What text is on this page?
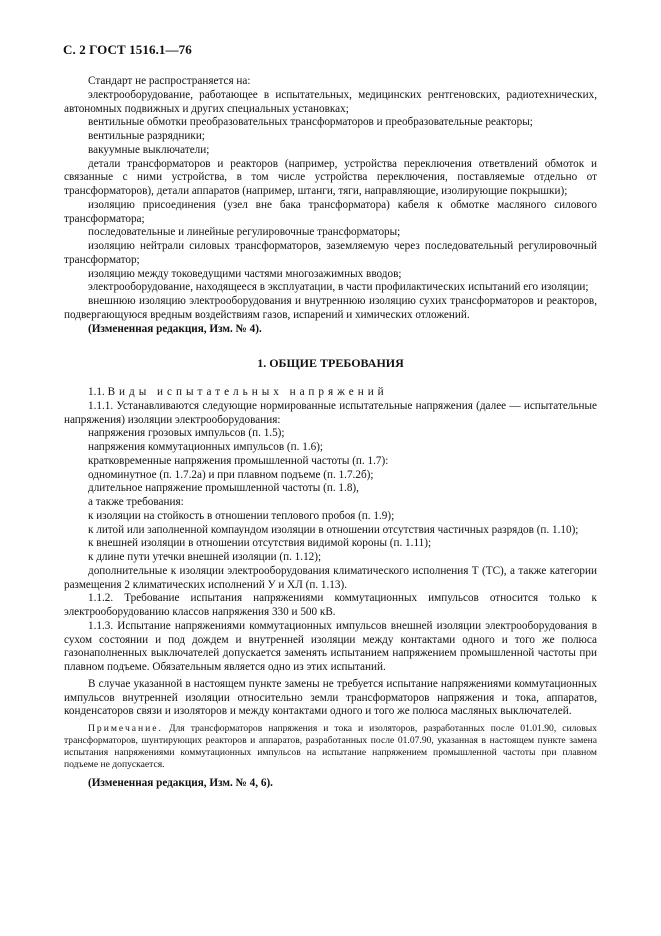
С. 2 ГОСТ 1516.1—76

Стандарт не распространяется на:

электрооборудование, работающее в испытательных, медицинских рентгеновских, радиотехнических, автономных подвижных и других специальных установках;

вентильные обмотки преобразовательных трансформаторов и преобразовательные реакторы;

вентильные разрядники;

вакуумные выключатели;

детали трансформаторов и реакторов (например, устройства переключения ответвлений обмоток и связанные с ними устройства, в том числе устройства переключения, поставляемые отдельно от трансформаторов), детали аппаратов (например, штанги, тяги, направляющие, изолирующие покрышки);

изоляцию присоединения (узел вне бака трансформатора) кабеля к обмотке масляного силового трансформатора;

последовательные и линейные регулировочные трансформаторы;

изоляцию нейтрали силовых трансформаторов, заземляемую через последовательный регулировочный трансформатор;

изоляцию между токоведущими частями многозажимных вводов;

электрооборудование, находящееся в эксплуатации, в части профилактических испытаний его изоляции;

внешнюю изоляцию электрооборудования и внутреннюю изоляцию сухих трансформаторов и реакторов, подвергающуюся вредным воздействиям газов, испарений и химических отложений.

(Измененная редакция, Изм. № 4).

1. ОБЩИЕ ТРЕБОВАНИЯ

1.1. Виды испытательных напряжений

1.1.1. Устанавливаются следующие нормированные испытательные напряжения (далее — испытательные напряжения) изоляции электрооборудования:

напряжения грозовых импульсов (п. 1.5);

напряжения коммутационных импульсов (п. 1.6);

кратковременные напряжения промышленной частоты (п. 1.7):

одноминутное (п. 1.7.2а) и при плавном подъеме (п. 1.7.2б);

длительное напряжение промышленной частоты (п. 1.8),

а также требования:

к изоляции на стойкость в отношении теплового пробоя (п. 1.9);

к литой или заполненной компаундом изоляции в отношении отсутствия частичных разрядов (п. 1.10);

к внешней изоляции в отношении отсутствия видимой короны (п. 1.11);

к длине пути утечки внешней изоляции (п. 1.12);

дополнительные к изоляции электрооборудования климатического исполнения Т (ТС), а также категории размещения 2 климатических исполнений У и ХЛ (п. 1.13).

1.1.2. Требование испытания напряжениями коммутационных импульсов относится только к электрооборудованию классов напряжения 330 и 500 кВ.

1.1.3. Испытание напряжениями коммутационных импульсов внешней изоляции электрооборудования в сухом состоянии и под дождем и внутренней изоляции между контактами одного и того же полюса газонаполненных выключателей допускается заменять испытанием напряжением промышленной частоты при плавном подъеме. Обязательным является одно из этих испытаний.

В случае указанной в настоящем пункте замены не требуется испытание напряжениями коммутационных импульсов внутренней изоляции относительно земли трансформаторов напряжения и тока, аппаратов, конденсаторов связи и изоляторов и между контактами одного и того же полюса масляных выключателей.

Примечание. Для трансформаторов напряжения и тока и изоляторов, разработанных после 01.01.90, силовых трансформаторов, шунтирующих реакторов и аппаратов, разработанных после 01.07.90, указанная в настоящем пункте замена испытания напряжениями коммутационных импульсов на испытание напряжением промышленной частоты при плавном подъеме не допускается.

(Измененная редакция, Изм. № 4, 6).
